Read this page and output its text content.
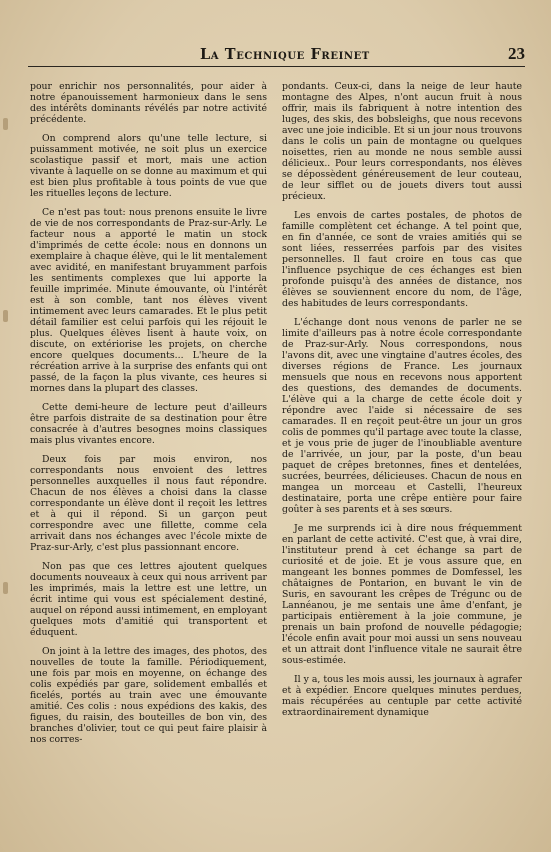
La Technique Freinet	23

pour enrichir nos personnalités, pour aider à notre épanouissement harmonieux dans le sens des intérêts dominants révélés par notre activité précédente.

On comprend alors qu'une telle lecture, si puissamment motivée, ne soit plus un exercice scolastique passif et mort, mais une action vivante à laquelle on se donne au maximum et qui est bien plus profitable à tous points de vue que les rituelles leçons de lecture.

Ce n'est pas tout: nous prenons ensuite le livre de vie de nos correspondants de Praz-sur-Arly. Le facteur nous a apporté le matin un stock d'imprimés de cette école: nous en donnons un exemplaire à chaque élève, qui le lit mentalement avec avidité, en manifestant bruyamment parfois les sentiments complexes que lui apporte la feuille imprimée. Minute émouvante, où l'intérêt est à son comble, tant nos élèves vivent intimement avec leurs camarades. Et le plus petit détail familier est celui parfois qui les réjouit le plus. Quelques élèves lisent à haute voix, on discute, on extériorise les projets, on cherche encore quelques documents... L'heure de la récréation arrive à la surprise des enfants qui ont passé, de la façon la plus vivante, ces heures si mornes dans la plupart des classes.

Cette demi-heure de lecture peut d'ailleurs être parfois distraite de sa destination pour être consacrée à d'autres besognes moins classiques mais plus vivantes encore.

Deux fois par mois environ, nos correspondants nous envoient des lettres personnelles auxquelles il nous faut répondre. Chacun de nos élèves a choisi dans la classe correspondante un élève dont il reçoit les lettres et à qui il répond. Si un garçon peut correspondre avec une fillette, comme cela arrivait dans nos échanges avec l'école mixte de Praz-sur-Arly, c'est plus passionnant encore.

Non pas que ces lettres ajoutent quelques documents nouveaux à ceux qui nous arrivent par les imprimés, mais la lettre est une lettre, un écrit intime qui vous est spécialement destiné, auquel on répond aussi intimement, en employant quelques mots d'amitié qui transportent et éduquent.

On joint à la lettre des images, des photos, des nouvelles de toute la famille. Périodiquement, une fois par mois en moyenne, on échange des colis expédiés par gare, solidement emballés et ficelés, portés au train avec une émouvante amitié. Ces colis : nous expédions des kakis, des figues, du raisin, des bouteilles de bon vin, des branches d'olivier, tout ce qui peut faire plaisir à nos corres-

pondants. Ceux-ci, dans la neige de leur haute montagne des Alpes, n'ont aucun fruit à nous offrir, mais ils fabriquent à notre intention des luges, des skis, des bobsleighs, que nous recevons avec une joie indicible. Et si un jour nous trouvons dans le colis un pain de montagne ou quelques noisettes, rien au monde ne nous semble aussi délicieux.. Pour leurs correspondants, nos élèves se dépossèdent généreusement de leur couteau, de leur sifflet ou de jouets divers tout aussi précieux.

Les envois de cartes postales, de photos de famille complètent cet échange. A tel point que, en fin d'année, ce sont de vraies amitiés qui se sont liées, resserrées parfois par des visites personnelles. Il faut croire en tous cas que l'influence psychique de ces échanges est bien profonde puisqu'à des années de distance, nos élèves se souviennent encore du nom, de l'âge, des habitudes de leurs correspondants.

L'échange dont nous venons de parler ne se limite d'ailleurs pas à notre école correspondante de Praz-sur-Arly. Nous correspondons, nous l'avons dit, avec une vingtaine d'autres écoles, des diverses régions de France. Les journaux mensuels que nous en recevons nous apportent des questions, des demandes de documents. L'élève qui a la charge de cette école doit y répondre avec l'aide si nécessaire de ses camarades. Il en reçoit peut-être un jour un gros colis de pommes qu'il partage avec toute la classe, et je vous prie de juger de l'inoubliable aventure de l'arrivée, un jour, par la poste, d'un beau paquet de crêpes bretonnes, fines et dentelées, sucrées, beurrées, délicieuses. Chacun de nous en mangea un morceau et Castelli, l'heureux destinataire, porta une crêpe entière pour faire goûter à ses parents et à ses sœurs.

Je me surprends ici à dire nous fréquemment en parlant de cette activité. C'est que, à vrai dire, l'instituteur prend à cet échange sa part de curiosité et de joie. Et je vous assure que, en mangeant les bonnes pommes de Domfessel, les châtaignes de Pontarion, en buvant le vin de Suris, en savourant les crêpes de Trégunc ou de Lannéanou, je me sentais une âme d'enfant, je participais entièrement à la joie commune, je prenais un bain profond de nouvelle pédagogie; l'école enfin avait pour moi aussi un sens nouveau et un attrait dont l'influence vitale ne saurait être sous-estimée.

Il y a, tous les mois aussi, les journaux à agrafer et à expédier. Encore quelques minutes perdues, mais récupérées au centuple par cette activité extraordinairement dynamique
